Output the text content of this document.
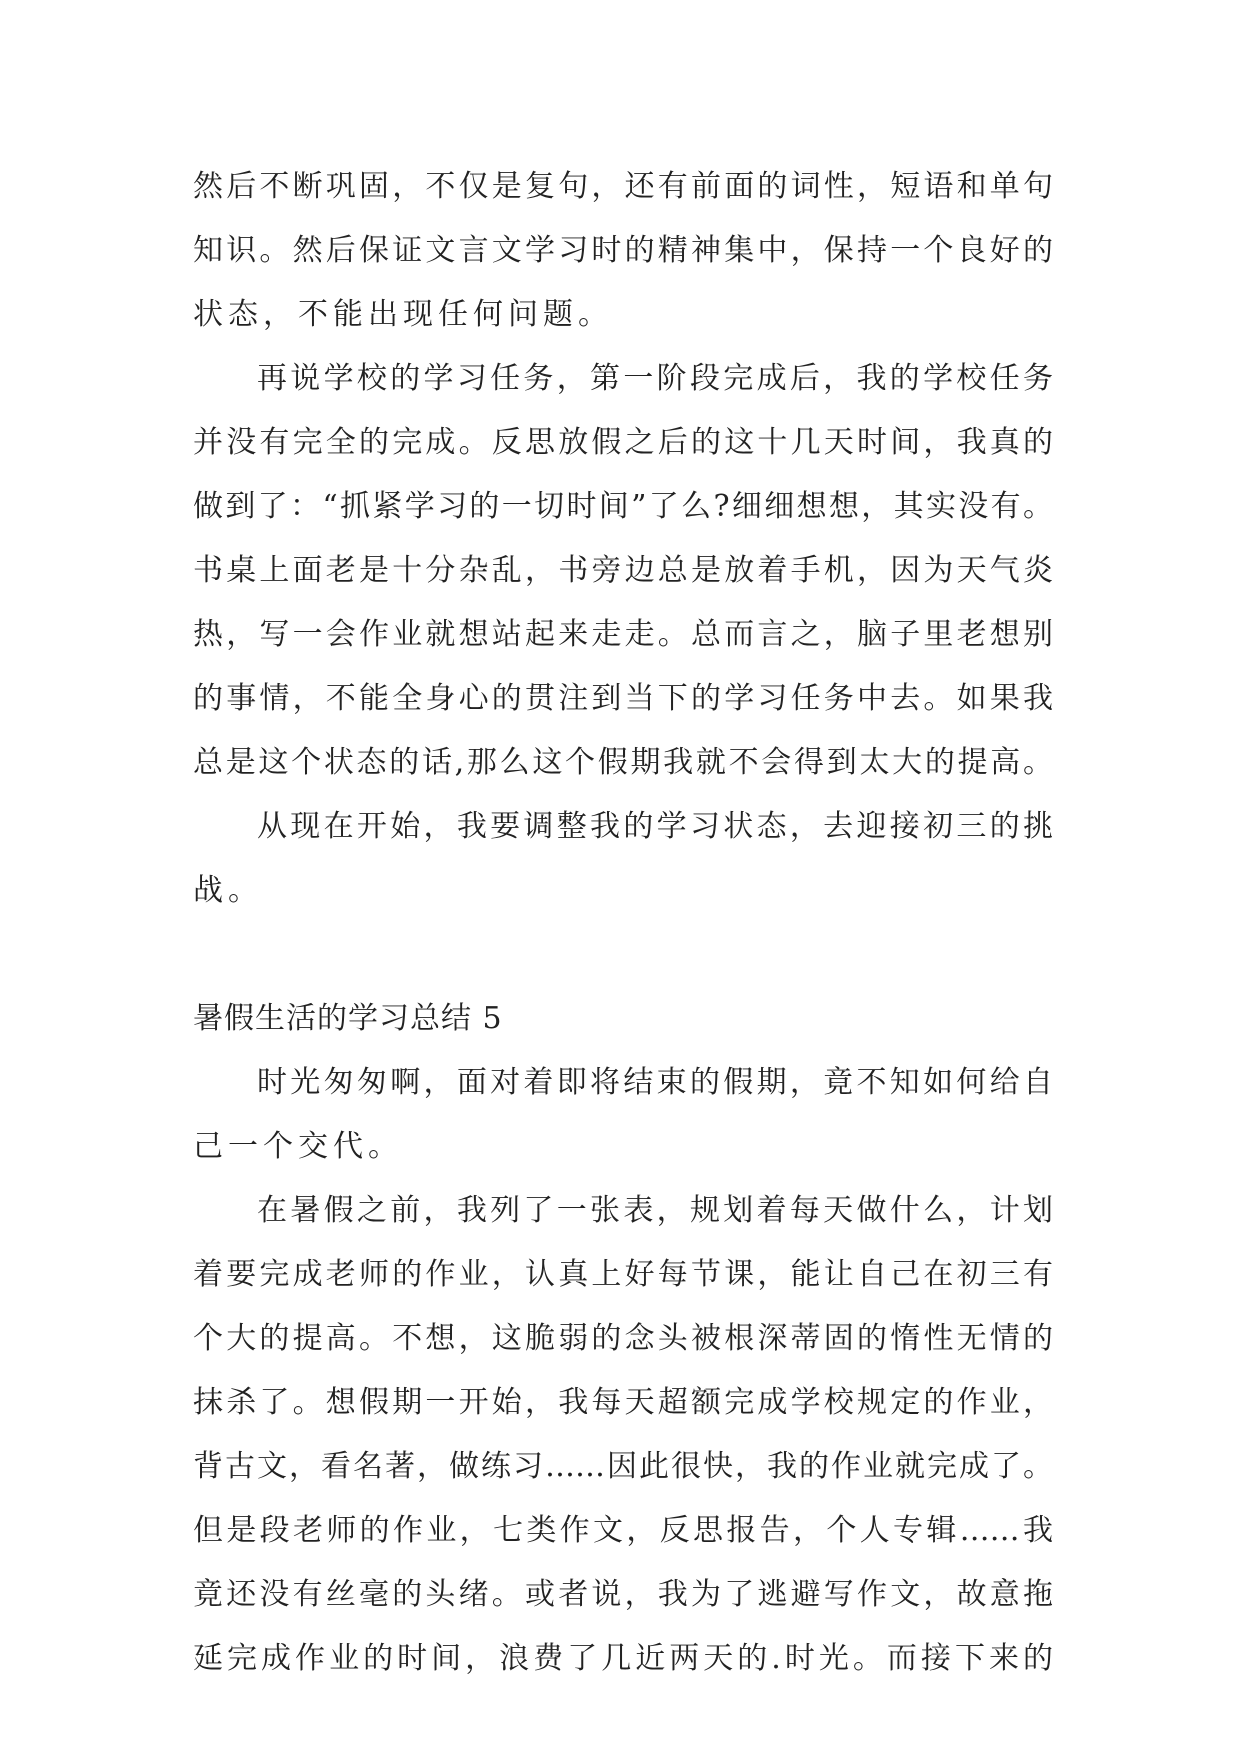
然后不断巩固，不仅是复句，还有前面的词性，短语和单句
知识。然后保证文言文学习时的精神集中，保持一个良好的
状态，不能出现任何问题。
再说学校的学习任务，第一阶段完成后，我的学校任务
并没有完全的完成。反思放假之后的这十几天时间，我真的
做到了：“抓紧学习的一切时间”了么?细细想想，其实没有。
书桌上面老是十分杂乱，书旁边总是放着手机，因为天气炎
热，写一会作业就想站起来走走。总而言之，脑子里老想别
的事情，不能全身心的贯注到当下的学习任务中去。如果我
总是这个状态的话,那么这个假期我就不会得到太大的提高。
从现在开始，我要调整我的学习状态，去迎接初三的挑
战。
暑假生活的学习总结 5
时光匆匆啊，面对着即将结束的假期，竟不知如何给自
己一个交代。
在暑假之前，我列了一张表，规划着每天做什么，计划
着要完成老师的作业，认真上好每节课，能让自己在初三有
个大的提高。不想，这脆弱的念头被根深蒂固的惰性无情的
抹杀了。想假期一开始，我每天超额完成学校规定的作业，
背古文，看名著，做练习……因此很快，我的作业就完成了。
但是段老师的作业，七类作文，反思报告，个人专辑……我
竟还没有丝毫的头绪。或者说，我为了逃避写作文，故意拖
延完成作业的时间，浪费了几近两天的.时光。而接下来的
